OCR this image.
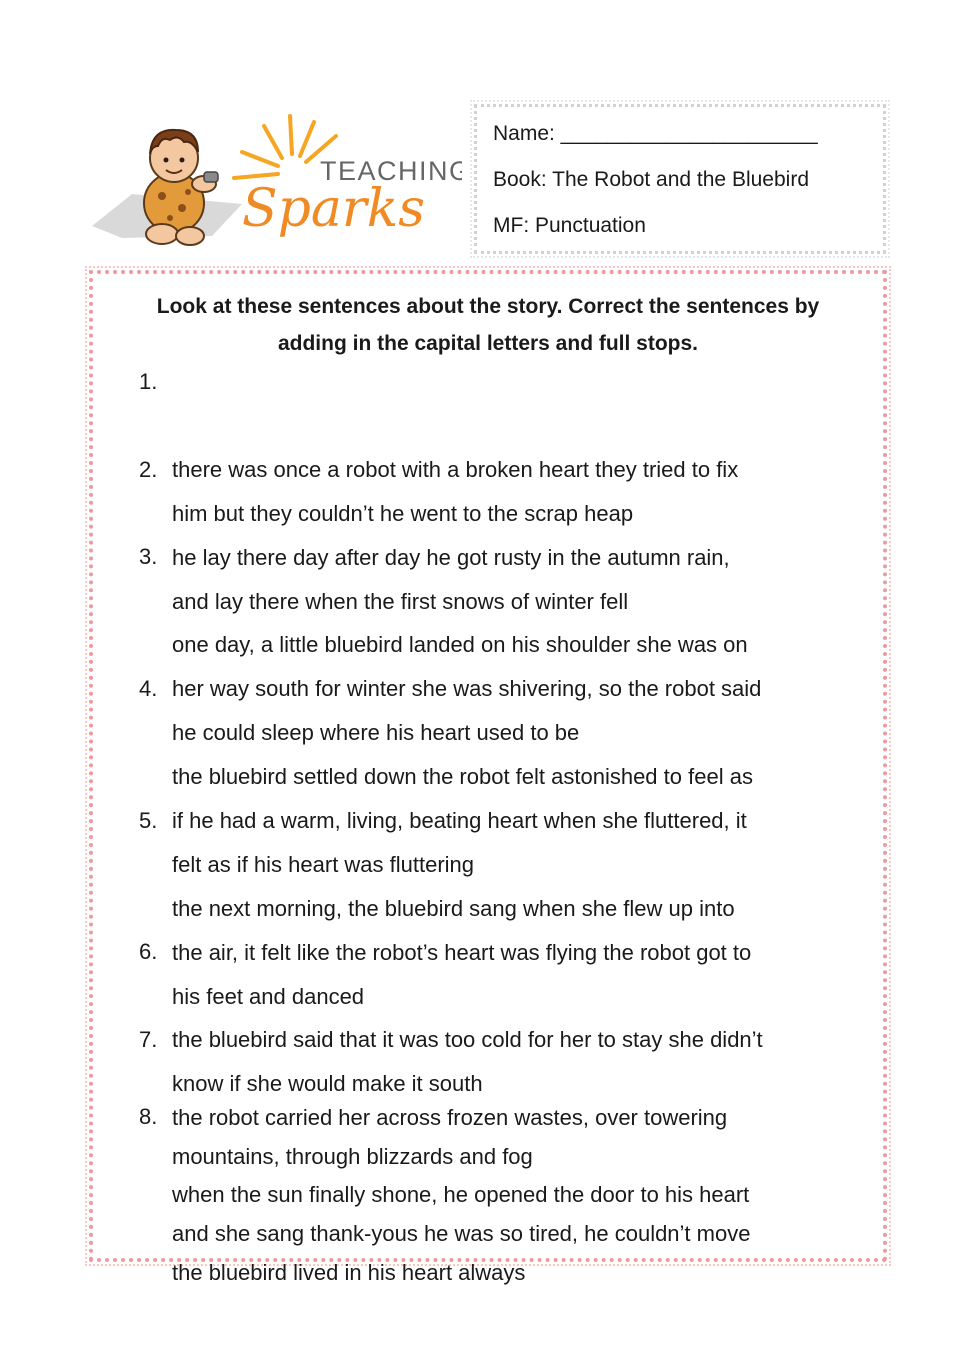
TEACHING
Sparks
Name: ______________________
Book: The Robot and the Bluebird
MF: Punctuation
Look at these sentences about the story. Correct the sentences by
adding in the capital letters and full stops.

1.

there was once a robot with a broken heart they tried to fix
him but they couldn’t he went to the scrap heap

2.

he lay there day after day he got rusty in the autumn rain,
and lay there when the first snows of winter fell

3.

one day, a little bluebird landed on his shoulder she was on
her way south for winter she was shivering, so the robot said
he could sleep where his heart used to be

4.

the bluebird settled down the robot felt astonished to feel as
if he had a warm, living, beating heart when she fluttered, it
felt as if his heart was fluttering

5.

the next morning, the bluebird sang when she flew up into
the air, it felt like the robot’s heart was flying the robot got to
his feet and danced

6.

the bluebird said that it was too cold for her to stay she didn’t
know if she would make it south

7.

the robot carried her across frozen wastes, over towering
mountains, through blizzards and fog

8.

when the sun finally shone, he opened the door to his heart
and she sang thank-yous he was so tired, he couldn’t move
the bluebird lived in his heart always
